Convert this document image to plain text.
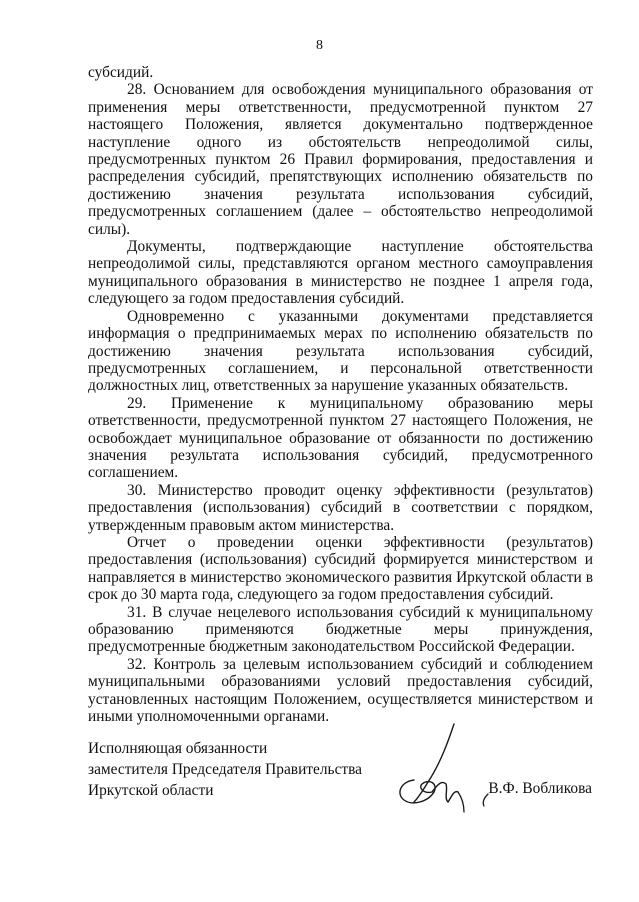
8

субсидий.

28. Основанием для освобождения муниципального образования от применения меры ответственности, предусмотренной пунктом 27 настоящего Положения, является документально подтвержденное наступление одного из обстоятельств непреодолимой силы, предусмотренных пунктом 26 Правил формирования, предоставления и распределения субсидий, препятствующих исполнению обязательств по достижению значения результата использования субсидий, предусмотренных соглашением (далее – обстоятельство непреодолимой силы).

Документы, подтверждающие наступление обстоятельства непреодолимой силы, представляются органом местного самоуправления муниципального образования в министерство не позднее 1 апреля года, следующего за годом предоставления субсидий.

Одновременно с указанными документами представляется информация о предпринимаемых мерах по исполнению обязательств по достижению значения результата использования субсидий, предусмотренных соглашением, и персональной ответственности должностных лиц, ответственных за нарушение указанных обязательств.

29. Применение к муниципальному образованию меры ответственности, предусмотренной пунктом 27 настоящего Положения, не освобождает муниципальное образование от обязанности по достижению значения результата использования субсидий, предусмотренного соглашением.

30. Министерство проводит оценку эффективности (результатов) предоставления (использования) субсидий в соответствии с порядком, утвержденным правовым актом министерства.

Отчет о проведении оценки эффективности (результатов) предоставления (использования) субсидий формируется министерством и направляется в министерство экономического развития Иркутской области в срок до 30 марта года, следующего за годом предоставления субсидий.

31. В случае нецелевого использования субсидий к муниципальному образованию применяются бюджетные меры принуждения, предусмотренные бюджетным законодательством Российской Федерации.

32. Контроль за целевым использованием субсидий и соблюдением муниципальными образованиями условий предоставления субсидий, установленных настоящим Положением, осуществляется министерством и иными уполномоченными органами.

Исполняющая обязанности
заместителя Председателя Правительства
Иркутской области	В.Ф. Вобликова
